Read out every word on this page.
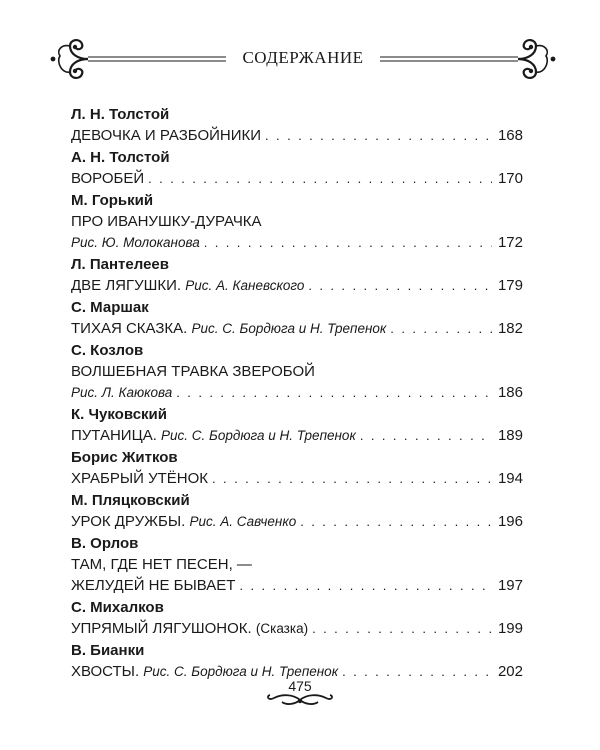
СОДЕРЖАНИЕ
Л. Н. Толстой
ДЕВОЧКА И РАЗБОЙНИКИ . . .	168
А. Н. Толстой
ВОРОБЕЙ . . .	170
М. Горький
ПРО ИВАНУШКУ-ДУРАЧКА
Рис. Ю. Молоканова . . .	172
Л. Пантелеев
ДВЕ ЛЯГУШКИ. Рис. А. Каневского . . .	179
С. Маршак
ТИХАЯ СКАЗКА. Рис. С. Бордюга и Н. Трепенок . . .	182
С. Козлов
ВОЛШЕБНАЯ ТРАВКА ЗВЕРОБОЙ
Рис. Л. Каюкова . . .	186
К. Чуковский
ПУТАНИЦА. Рис. С. Бордюга и Н. Трепенок . . .	189
Борис Житков
ХРАБРЫЙ УТЁНОК . . .	194
М. Пляцковский
УРОК ДРУЖБЫ. Рис. А. Савченко . . .	196
В. Орлов
ТАМ, ГДЕ НЕТ ПЕСЕН, —
ЖЕЛУДЕЙ НЕ БЫВАЕТ . . .	197
С. Михалков
УПРЯМЫЙ ЛЯГУШОНОК. (Сказка) . . .	199
В. Бианки
ХВОСТЫ. Рис. С. Бордюга и Н. Трепенок . . .	202
475
